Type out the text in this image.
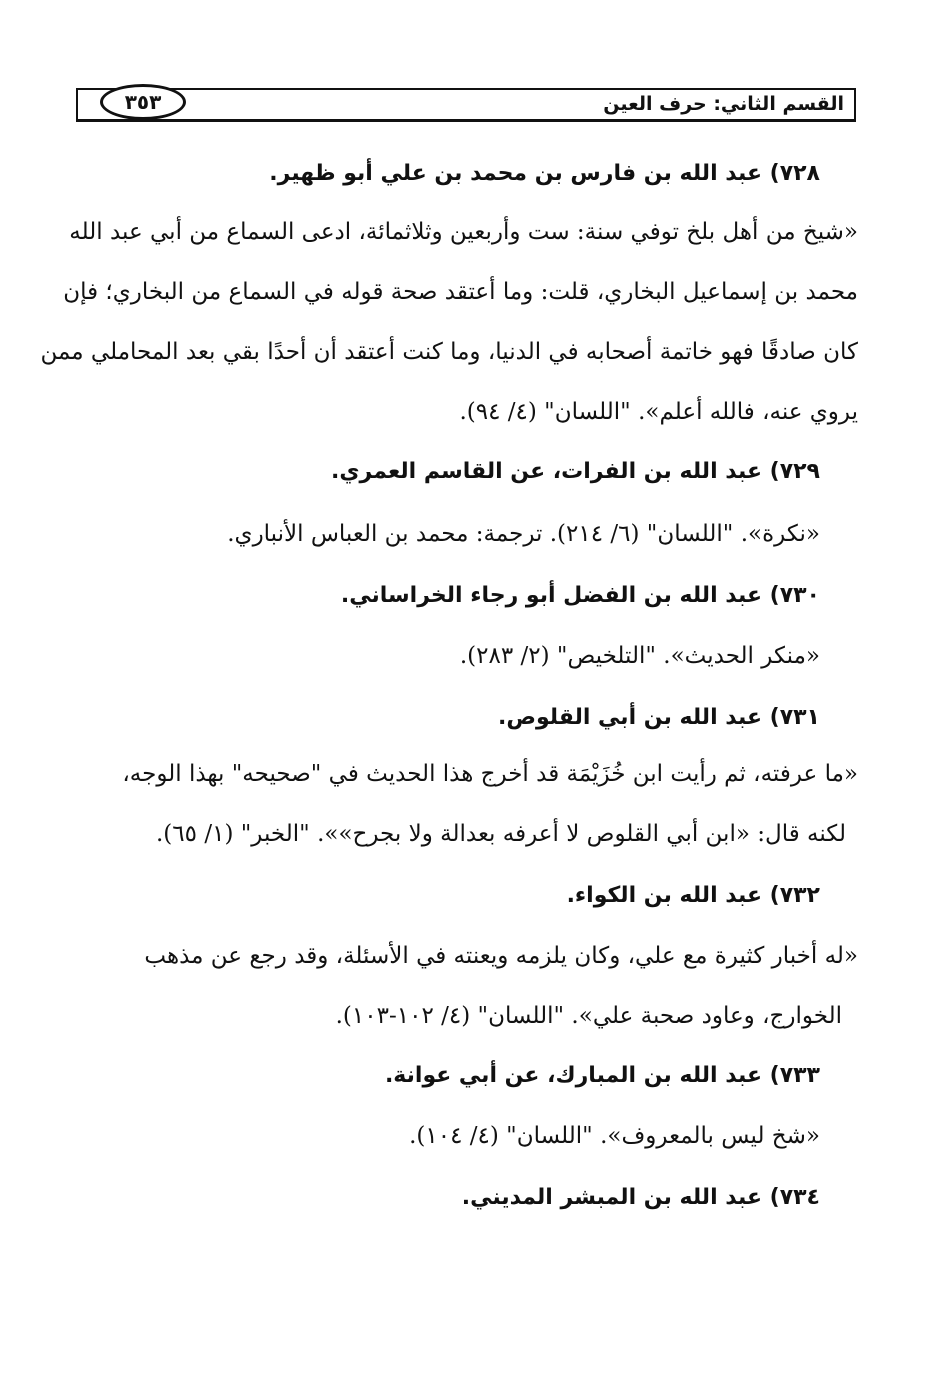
القسم الثاني: حرف العين
٣٥٣
٧٢٨) عبد الله بن فارس بن محمد بن علي أبو ظهير.
«شيخ من أهل بلخ توفي سنة: ست وأربعين وثلاثمائة، ادعى السماع من أبي عبد الله
محمد بن إسماعيل البخاري، قلت: وما أعتقد صحة قوله في السماع من البخاري؛ فإن
كان صادقًا فهو خاتمة أصحابه في الدنيا، وما كنت أعتقد أن أحدًا بقي بعد المحاملي ممن
يروي عنه، فالله أعلم». "اللسان" (٤/ ٩٤).
٧٢٩) عبد الله بن الفرات، عن القاسم العمري.
«نكرة». "اللسان" (٦/ ٢١٤). ترجمة: محمد بن العباس الأنباري.
٧٣٠) عبد الله بن الفضل أبو رجاء الخراساني.
«منكر الحديث». "التلخيص" (٢/ ٢٨٣).
٧٣١) عبد الله بن أبي القلوص.
«ما عرفته، ثم رأيت ابن خُزَيْمَة قد أخرج هذا الحديث في "صحيحه" بهذا الوجه،
لكنه قال: «ابن أبي القلوص لا أعرفه بعدالة ولا بجرح»». "الخبر" (١/ ٦٥).
٧٣٢) عبد الله بن الكواء.
«له أخبار كثيرة مع علي، وكان يلزمه ويعنته في الأسئلة، وقد رجع عن مذهب
الخوارج، وعاود صحبة علي». "اللسان" (٤/ ١٠٢-١٠٣).
٧٣٣) عبد الله بن المبارك، عن أبي عوانة.
«شخ ليس بالمعروف». "اللسان" (٤/ ١٠٤).
٧٣٤) عبد الله بن المبشر المديني.
